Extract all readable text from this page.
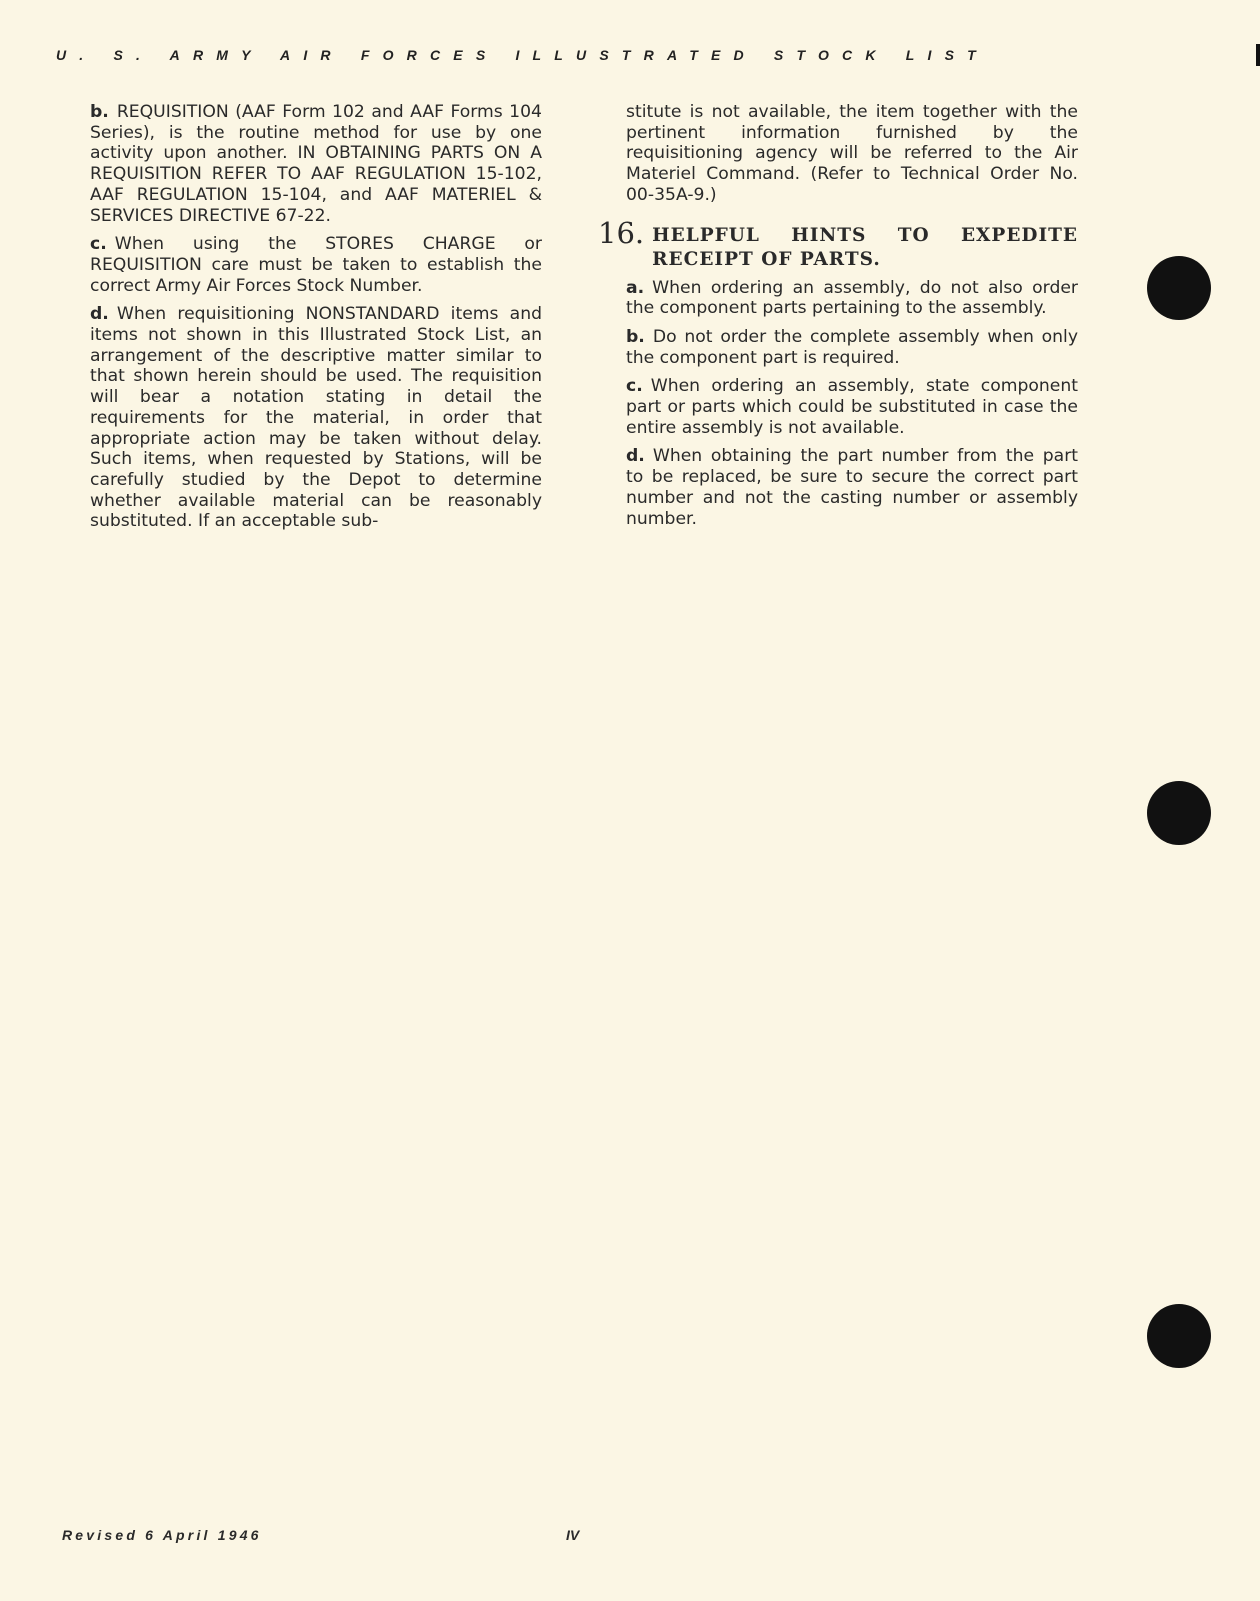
U. S. ARMY AIR FORCES ILLUSTRATED STOCK LIST

b. REQUISITION (AAF Form 102 and AAF Forms 104 Series), is the routine method for use by one activity upon another. IN OBTAINING PARTS ON A REQUISITION REFER TO AAF REGULATION 15-102, AAF REGULATION 15-104, and AAF MATERIEL & SERVICES DIRECTIVE 67-22.

c. When using the STORES CHARGE or REQUISITION care must be taken to establish the correct Army Air Forces Stock Number.

d. When requisitioning NONSTANDARD items and items not shown in this Illustrated Stock List, an arrangement of the descriptive matter similar to that shown herein should be used. The requisition will bear a notation stating in detail the requirements for the material, in order that appropriate action may be taken without delay. Such items, when requested by Stations, will be carefully studied by the Depot to determine whether available material can be reasonably substituted. If an acceptable sub-

stitute is not available, the item together with the pertinent information furnished by the requisitioning agency will be referred to the Air Materiel Command. (Refer to Technical Order No. 00-35A-9.)

16. HELPFUL HINTS TO EXPEDITE RECEIPT OF PARTS.

a. When ordering an assembly, do not also order the component parts pertaining to the assembly.

b. Do not order the complete assembly when only the component part is required.

c. When ordering an assembly, state component part or parts which could be substituted in case the entire assembly is not available.

d. When obtaining the part number from the part to be replaced, be sure to secure the correct part number and not the casting number or assembly number.

Revised 6 April 1946	IV
